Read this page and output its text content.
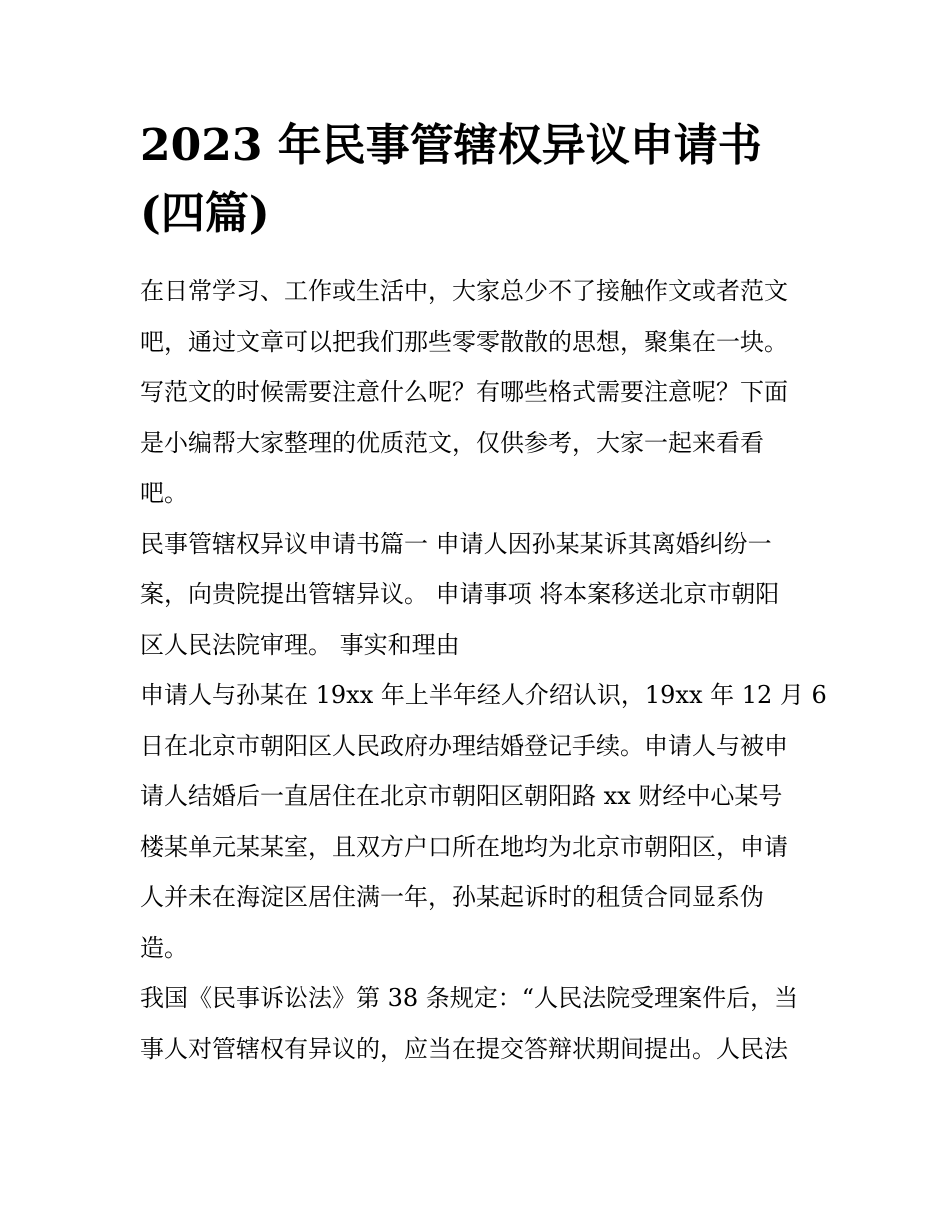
2023 年民事管辖权异议申请书
(四篇)

在日常学习、工作或生活中，大家总少不了接触作文或者范文
吧，通过文章可以把我们那些零零散散的思想，聚集在一块。
写范文的时候需要注意什么呢？有哪些格式需要注意呢？下面
是小编帮大家整理的优质范文，仅供参考，大家一起来看看
吧。

民事管辖权异议申请书篇一 申请人因孙某某诉其离婚纠纷一
案，向贵院提出管辖异议。 申请事项 将本案移送北京市朝阳
区人民法院审理。 事实和理由

申请人与孙某在 19xx 年上半年经人介绍认识，19xx 年 12 月 6
日在北京市朝阳区人民政府办理结婚登记手续。申请人与被申
请人结婚后一直居住在北京市朝阳区朝阳路 xx 财经中心某号
楼某单元某某室，且双方户口所在地均为北京市朝阳区，申请
人并未在海淀区居住满一年，孙某起诉时的租赁合同显系伪
造。

我国《民事诉讼法》第 38 条规定：“人民法院受理案件后，当
事人对管辖权有异议的，应当在提交答辩状期间提出。人民法
